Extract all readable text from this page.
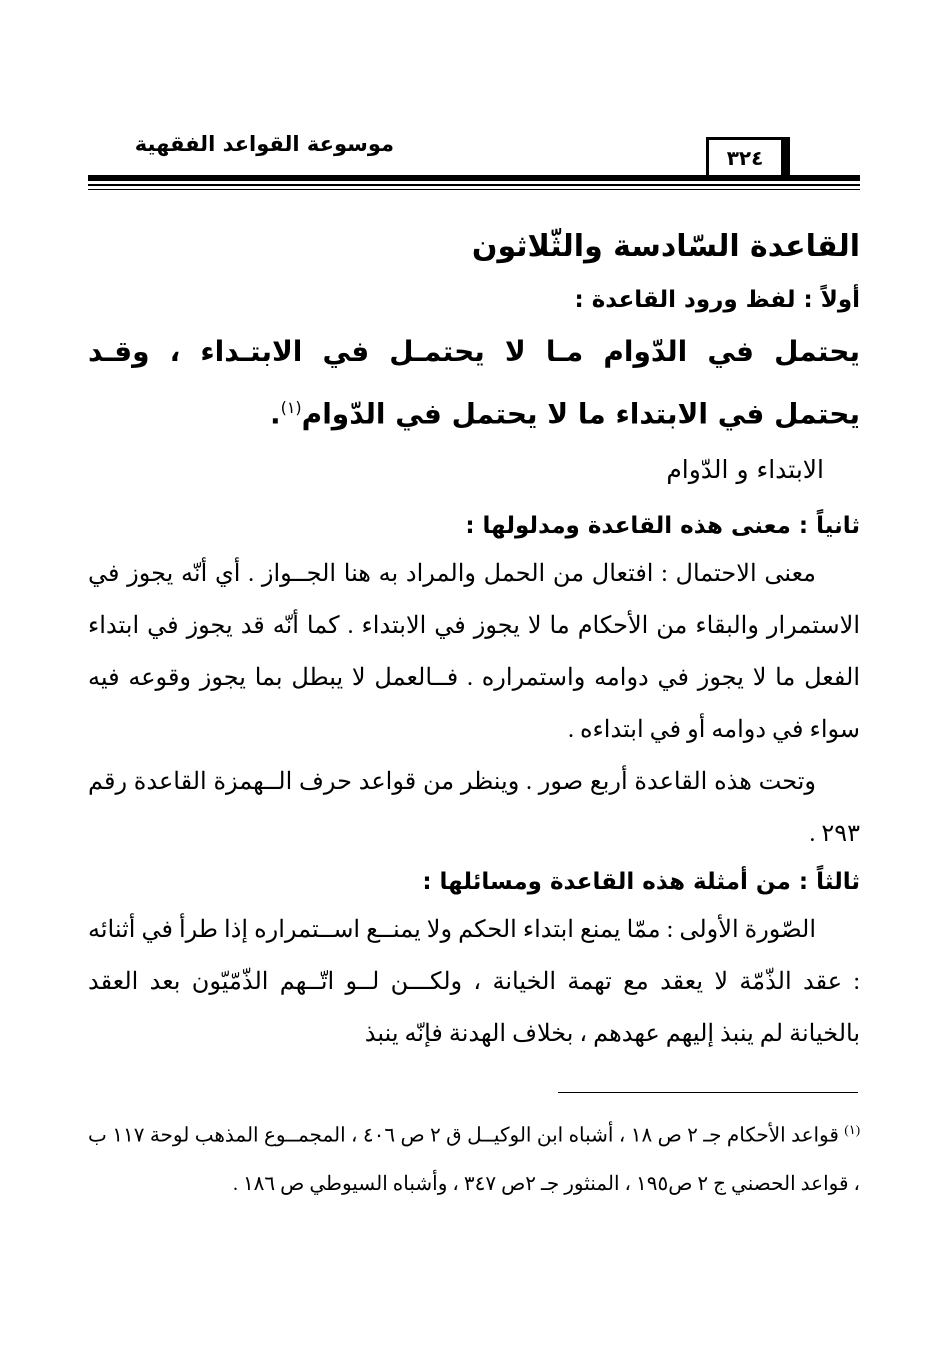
موسوعة القواعد الفقهية
٣٢٤
القاعدة السّادسة والثّلاثون
أولاً : لفظ ورود القاعدة :

يحتمل في الدّوام مـا لا يحتمـل في الابتـداء ، وقـد يحتمل في الابتداء ما لا يحتمل في الدّوام$^{(١)}$.

الابتداء و الدّوام

ثانياً : معنى هذه القاعدة ومدلولها :

معنى الاحتمال : افتعال من الحمل والمراد به هنا الجــواز . أي أنّه يجوز في الاستمرار والبقاء من الأحكام ما لا يجوز في الابتداء . كما أنّه قد يجوز في ابتداء الفعل ما لا يجوز في دوامه واستمراره . فــالعمل لا يبطل بما يجوز وقوعه فيه سواء في دوامه أو في ابتداءه .

وتحت هذه القاعدة أربع صور . وينظر من قواعد حرف الــهمزة القاعدة رقم ٢٩٣ .

ثالثاً : من أمثلة هذه القاعدة ومسائلها :

الصّورة الأولى : ممّا يمنع ابتداء الحكم ولا يمنــع اســتمراره إذا طرأ في أثنائه : عقد الذّمّة لا يعقد مع تهمة الخيانة ، ولكـــن لــو اتّــهم الذّمّيّون بعد العقد بالخيانة لم ينبذ إليهم عهدهم ، بخلاف الهدنة فإنّه ينبذ

$^{(١)}$ قواعد الأحكام جـ ٢ ص ١٨ ، أشباه ابن الوكيــل ق ٢ ص ٤٠٦ ، المجمــوع المذهب لوحة ١١٧ ب ، قواعد الحصني ج ٢ ص١٩٥ ، المنثور جـ ٢ص ٣٤٧ ، وأشباه السيوطي ص ١٨٦ .
